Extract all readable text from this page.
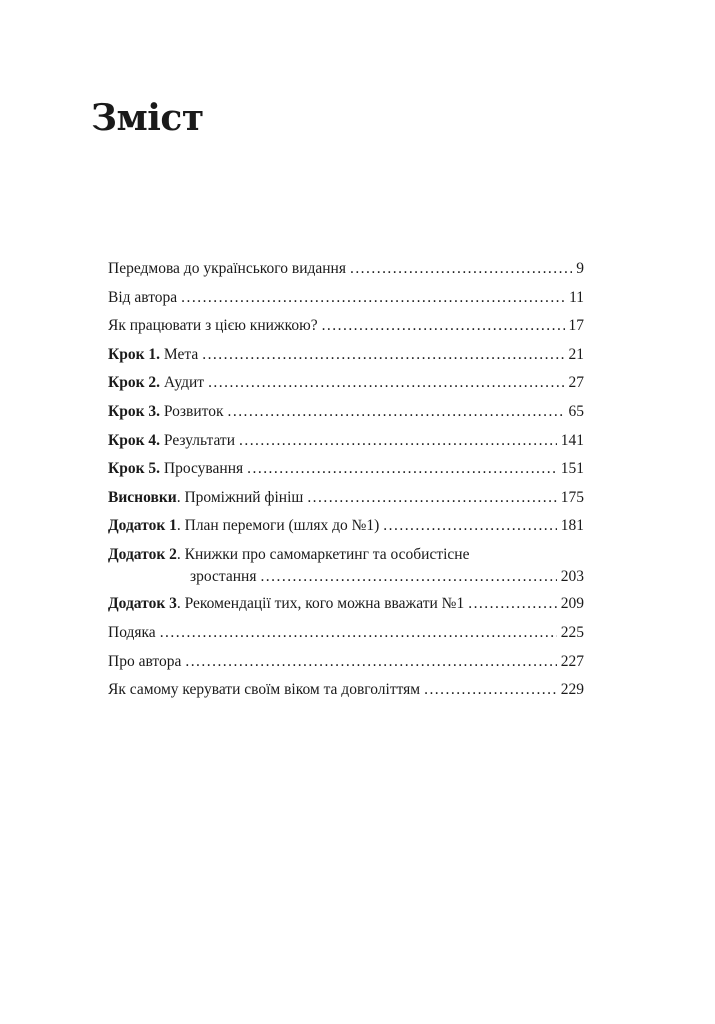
Зміст
Передмова до українського видання . . .	9
Від автора . . .	11
Як працювати з цією книжкою? . . .	17
Крок 1. Мета . . .	21
Крок 2. Аудит . . .	27
Крок 3. Розвиток . . .	65
Крок 4. Результати . . .	141
Крок 5. Просування . . .	151
Висновки. Проміжний фініш . . .	175
Додаток 1. План перемоги (шлях до №1) . . .	181
Додаток 2. Книжки про самомаркетинг та особистісне
зростання . . .	203
Додаток 3. Рекомендації тих, кого можна вважати №1 . . .	209
Подяка . . .	225
Про автора . . .	227
Як самому керувати своїм віком та довголіттям . . .	229
